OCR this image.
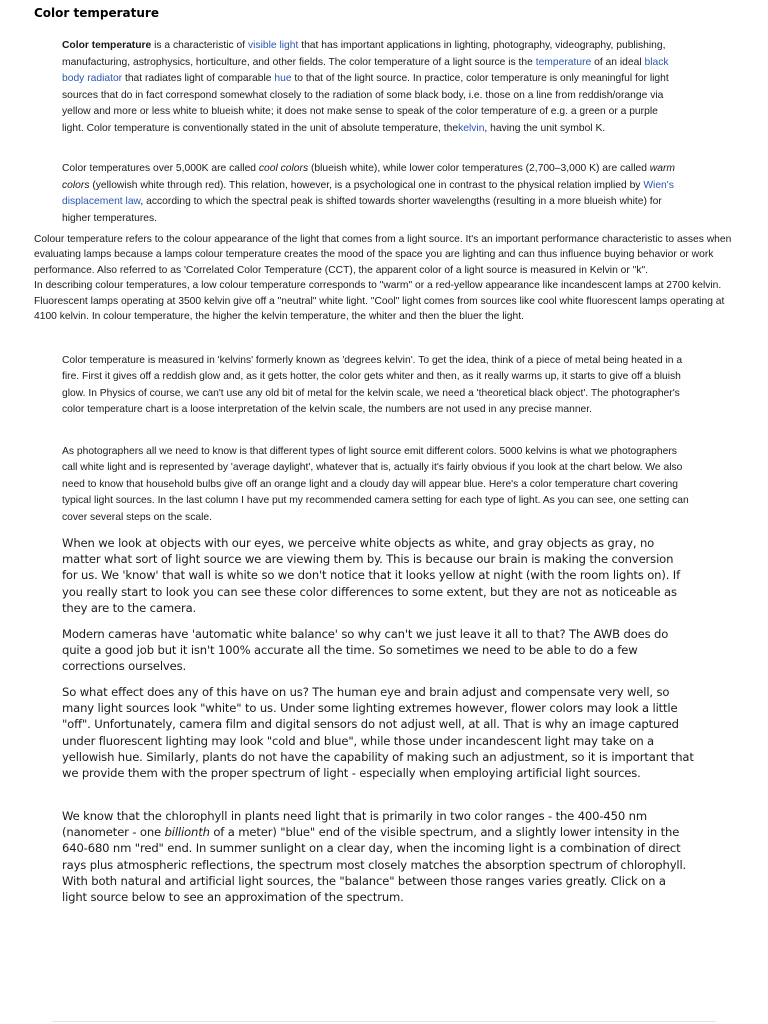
Color temperature

Color temperature is a characteristic of visible light that has important applications in lighting, photography, videography, publishing, manufacturing, astrophysics, horticulture, and other fields. The color temperature of a light source is the temperature of an ideal black body radiator that radiates light of comparable hue to that of the light source. In practice, color temperature is only meaningful for light sources that do in fact correspond somewhat closely to the radiation of some black body, i.e. those on a line from reddish/orange via yellow and more or less white to blueish white; it does not make sense to speak of the color temperature of e.g. a green or a purple light. Color temperature is conventionally stated in the unit of absolute temperature, thekelvin, having the unit symbol K.

Color temperatures over 5,000K are called cool colors (blueish white), while lower color temperatures (2,700–3,000 K) are called warm colors (yellowish white through red). This relation, however, is a psychological one in contrast to the physical relation implied by Wien's displacement law, according to which the spectral peak is shifted towards shorter wavelengths (resulting in a more blueish white) for higher temperatures.

Colour temperature refers to the colour appearance of the light that comes from a light source. It's an important performance characteristic to asses when evaluating lamps because a lamps colour temperature creates the mood of the space you are lighting and can thus influence buying behavior or work performance. Also referred to as 'Correlated Color Temperature (CCT), the apparent color of a light source is measured in Kelvin or "k".
In describing colour temperatures, a low colour temperature corresponds to "warm" or a red-yellow appearance like incandescent lamps at 2700 kelvin. Fluorescent lamps operating at 3500 kelvin give off a "neutral" white light. "Cool" light comes from sources like cool white fluorescent lamps operating at 4100 kelvin. In colour temperature, the higher the kelvin temperature, the whiter and then the bluer the light.

Color temperature is measured in 'kelvins' formerly known as 'degrees kelvin'. To get the idea, think of a piece of metal being heated in a fire. First it gives off a reddish glow and, as it gets hotter, the color gets whiter and then, as it really warms up, it starts to give off a bluish glow. In Physics of course, we can't use any old bit of metal for the kelvin scale, we need a 'theoretical black object'. The photographer's color temperature chart is a loose interpretation of the kelvin scale, the numbers are not used in any precise manner.

As photographers all we need to know is that different types of light source emit different colors. 5000 kelvins is what we photographers call white light and is represented by 'average daylight', whatever that is, actually it's fairly obvious if you look at the chart below. We also need to know that household bulbs give off an orange light and a cloudy day will appear blue. Here's a color temperature chart covering typical light sources. In the last column I have put my recommended camera setting for each type of light. As you can see, one setting can cover several steps on the scale.

When we look at objects with our eyes, we perceive white objects as white, and gray objects as gray, no matter what sort of light source we are viewing them by. This is because our brain is making the conversion for us. We 'know' that wall is white so we don't notice that it looks yellow at night (with the room lights on). If you really start to look you can see these color differences to some extent, but they are not as noticeable as they are to the camera.

Modern cameras have 'automatic white balance' so why can't we just leave it all to that? The AWB does do quite a good job but it isn't 100% accurate all the time. So sometimes we need to be able to do a few corrections ourselves.

So what effect does any of this have on us? The human eye and brain adjust and compensate very well, so many light sources look "white" to us. Under some lighting extremes however, flower colors may look a little "off". Unfortunately, camera film and digital sensors do not adjust well, at all. That is why an image captured under fluorescent lighting may look "cold and blue", while those under incandescent light may take on a yellowish hue. Similarly, plants do not have the capability of making such an adjustment, so it is important that we provide them with the proper spectrum of light - especially when employing artificial light sources.

We know that the chlorophyll in plants need light that is primarily in two color ranges - the 400-450 nm (nanometer - one billionth of a meter) "blue" end of the visible spectrum, and a slightly lower intensity in the 640-680 nm "red" end. In summer sunlight on a clear day, when the incoming light is a combination of direct rays plus atmospheric reflections, the spectrum most closely matches the absorption spectrum of chlorophyll. With both natural and artificial light sources, the "balance" between those ranges varies greatly. Click on a light source below to see an approximation of the spectrum.
